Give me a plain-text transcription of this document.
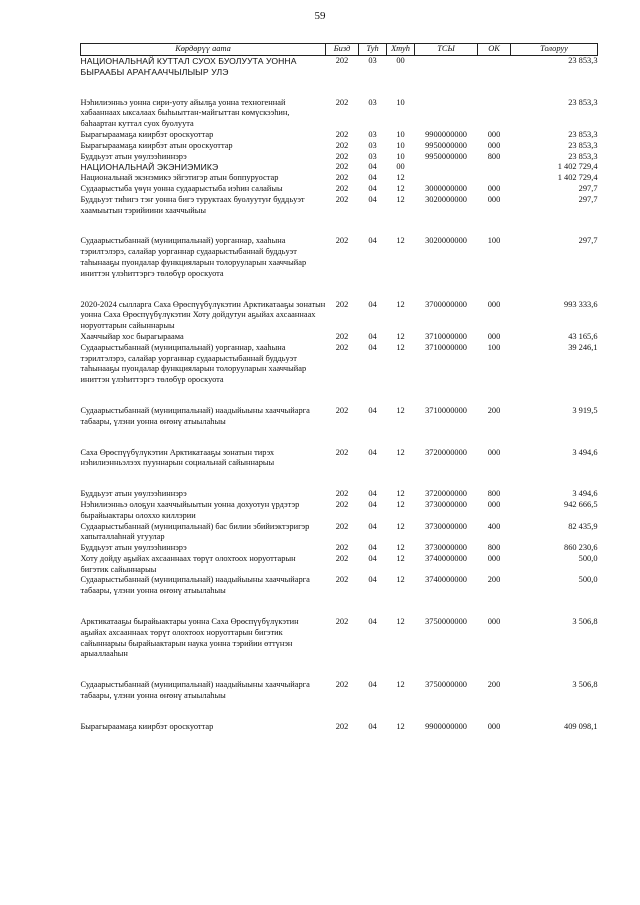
59
Көрдөрүү аата	Бизд	Туh	Хтуh	ТСЫ	ОК	Толоруу
НАЦИОНАЛЬНАЙ КУТТАЛ СУОХ БУОЛУУТА УОННА БЫРААБЫ АРАҤААЧЧЫЛЫЫР УЛЭ	202	03	00			23 853,3
Нэhилиэнньэ уонна сири-уоту айылҕа уонна техногеннай хабааннаах ыксалаах быһыыттан-майгыттан көмүскээһин, баһаартан куттал суох буолуута	202	03	10			23 853,3
Бырагыраамаҕа киирбэт ороскуоттар	202	03	10	9900000000	000	23 853,3
Бырагыраамаҕа киирбэт атын ороскуоттар	202	03	10	9950000000	000	23 853,3
Буддьуэт атын уѳулээhиннэрэ	202	03	10	9950000000	800	23 853,3
НАЦИОНАЛЬНАЙ ЭКЭНИЭМИКЭ	202	04	00			1 402 729,4
Национальнай экэнэмикэ эйгэтигэр атын боппуруостар	202	04	12			1 402 729,4
Судаарыстыба үѳүн уонна судаарыстыба иэһин салайыы	202	04	12	3000000000	000	297,7
Буддьуэт тиһигэ тэҥ уонна бигэ туруктаах буолуутуҥ буддьуэт хаамыытын тэрийиини хааччыйыы	202	04	12	3020000000	000	297,7
Судаарыстыбаннай (муниципальнай) уорганнар, хааhына тэрилтэлэрэ, салайар уорганнар судаарыстыбаннай буддьуэт таhынааҕы пуондалар функцияларын толорууларын хааччыйар иниттэн үлэhиттэргэ төлөбүр ороскуота	202	04	12	3020000000	100	297,7
2020-2024 сылларга Саха Өрөспүүбүлүкэтин Арктикатааҕы зонатын уонна Саха Өрөспүүбүлүкэтин Хоту дойдутун аҕыйах ахсааннаах норуоттарын сайыннарыы	202	04	12	3700000000	000	993 333,6
Хааччыйар хос бырагыраама	202	04	12	3710000000	000	43 165,6
Судаарыстыбаннай (муниципальнай) уорганнар, хааhына тэрилтэлэрэ, салайар уорганнар судаарыстыбаннай буддьуэт таhынааҕы пуондалар функцияларын толорууларын хааччыйар иниттэн үлэhиттэргэ төлөбүр ороскуота	202	04	12	3710000000	100	39 246,1
Судаарыстыбаннай (муниципальнай) наадыйыыны хааччыйарга табаары, үлэни уонна өҥөнү атыылаhыы	202	04	12	3710000000	200	3 919,5
Саха Өрөспүүбүлүкэтин Арктикатааҕы зонатын тирэх нэһилиэнньэлээх пууннарын социальнай сайыннарыы	202	04	12	3720000000	000	3 494,6
Буддьуэт атын уѳулээhиннэрэ	202	04	12	3720000000	800	3 494,6
Нэhилиэнньэ олоҕун хааччыйыытын уонна дохуотун үрдэтэр бырайыактары олоххо киллэрии	202	04	12	3730000000	000	942 666,5
Судаарыстыбаннай (муниципальнай) бас билии эбийиэктэригэр хапыталлаhнай угуулар	202	04	12	3730000000	400	82 435,9
Буддьуэт атын уѳулээhиннэрэ	202	04	12	3730000000	800	860 230,6
Хоту дойду аҕыйах ахсааннаах төрүт олохтоох норуоттарын бигэтик сайыннарыы	202	04	12	3740000000	000	500,0
Судаарыстыбаннай (муниципальнай) наадыйыыны хааччыйарга табаары, үлэни уонна өҥөнү атыылаhыы	202	04	12	3740000000	200	500,0
Арктикатааҕы бырайыактары уонна Саха Өрөспүүбүлүкэтин аҕыйах ахсааннаах төрүт олохтоох норуоттарын бигэтик сайыннарыы бырайыактарын наука уонна тэрийии өттүнэн арыаллааhын	202	04	12	3750000000	000	3 506,8
Судаарыстыбаннай (муниципальнай) наадыйыыны хааччыйарга табаары, үлэни уонна өҥөнү атыылаhыы	202	04	12	3750000000	200	3 506,8
Бырагыраамаҕа киирбэт ороскуоттар	202	04	12	9900000000	000	409 098,1
